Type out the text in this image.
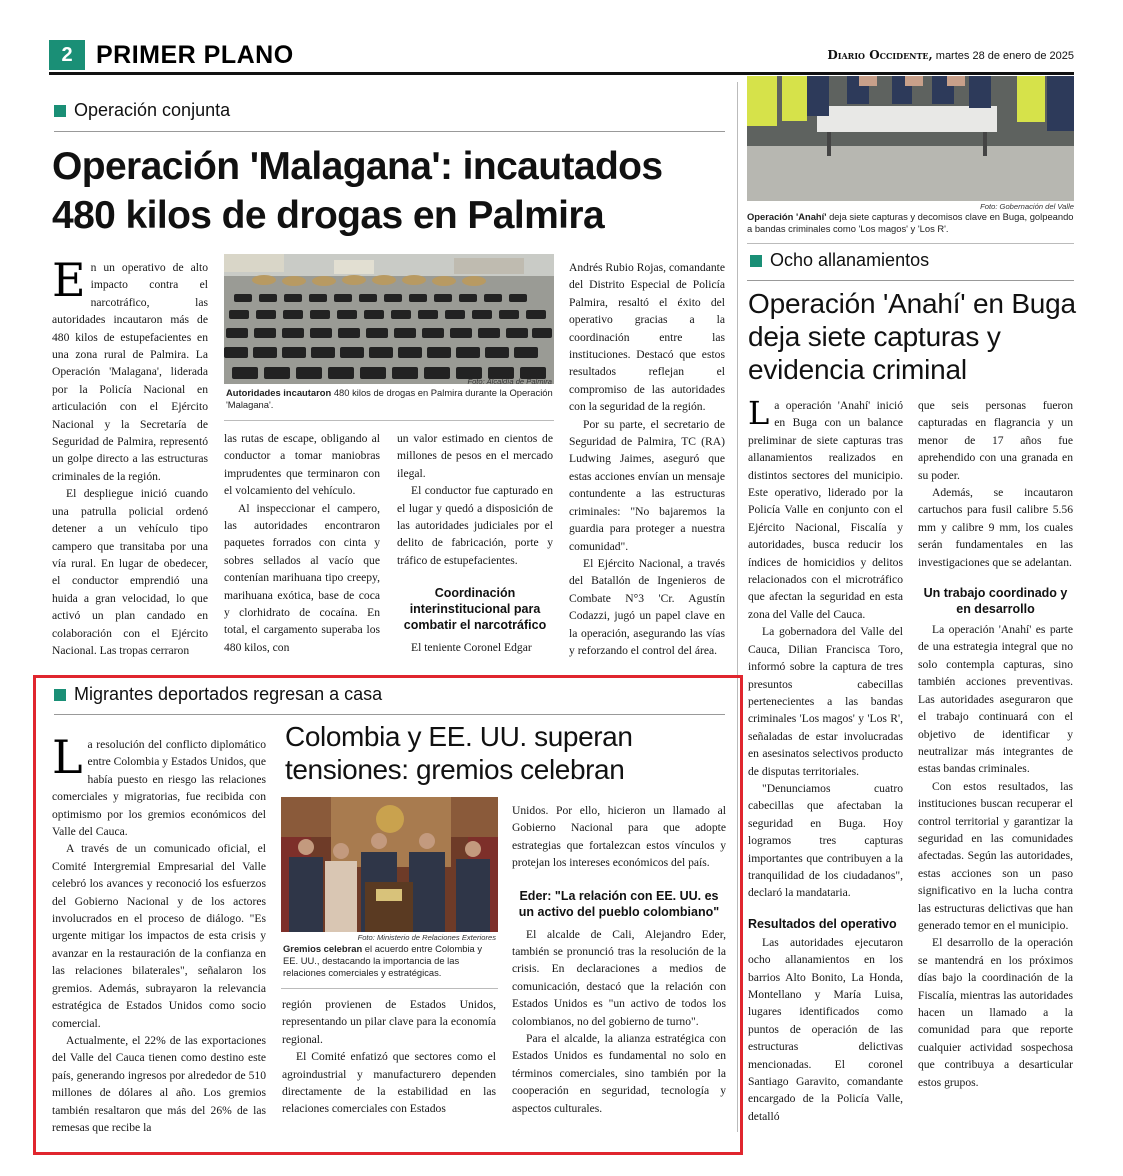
2 PRIMER PLANO	Diario Occidente, martes 28 de enero de 2025
Operación conjunta
Operación 'Malagana': incautados
480 kilos de drogas en Palmira

En un operativo de alto impacto contra el narcotráfico, las autoridades incautaron más de 480 kilos de estupefacientes en una zona rural de Palmira. La Operación 'Malagana', liderada por la Policía Nacional en articulación con el Ejército Nacional y la Secretaría de Seguridad de Palmira, representó un golpe directo a las estructuras criminales de la región.

El despliegue inició cuando una patrulla policial ordenó detener a un vehículo tipo campero que transitaba por una vía rural. En lugar de obedecer, el conductor emprendió una huida a gran velocidad, lo que activó un plan candado en colaboración con el Ejército Nacional. Las tropas cerraron

Foto: Alcaldía de Palmira
Autoridades incautaron 480 kilos de drogas en Palmira durante la Operación 'Malagana'.

las rutas de escape, obligando al conductor a tomar maniobras imprudentes que terminaron con el volcamiento del vehículo.

Al inspeccionar el campero, las autoridades encontraron paquetes forrados con cinta y sobres sellados al vacío que contenían marihuana tipo creepy, marihuana exótica, base de coca y clorhidrato de cocaína. En total, el cargamento superaba los 480 kilos, con

un valor estimado en cientos de millones de pesos en el mercado ilegal.

El conductor fue capturado en el lugar y quedó a disposición de las autoridades judiciales por el delito de fabricación, porte y tráfico de estupefacientes.

Coordinación interinstitucional para combatir el narcotráfico

El teniente Coronel Edgar

Andrés Rubio Rojas, comandante del Distrito Especial de Policía Palmira, resaltó el éxito del operativo gracias a la coordinación entre las instituciones. Destacó que estos resultados reflejan el compromiso de las autoridades con la seguridad de la región.

Por su parte, el secretario de Seguridad de Palmira, TC (RA) Ludwing Jaimes, aseguró que estas acciones envían un mensaje contundente a las estructuras criminales: "No bajaremos la guardia para proteger a nuestra comunidad".

El Ejército Nacional, a través del Batallón de Ingenieros de Combate N°3 'Cr. Agustín Codazzi, jugó un papel clave en la operación, asegurando las vías y reforzando el control del área.

Foto: Gobernación del Valle
Operación 'Anahí' deja siete capturas y decomisos clave en Buga, golpeando a bandas criminales como 'Los magos' y 'Los R'.
Ocho allanamientos
Operación 'Anahí' en Buga deja siete capturas y evidencia criminal

La operación 'Anahí' inició en Buga con un balance preliminar de siete capturas tras allanamientos realizados en distintos sectores del municipio. Este operativo, liderado por la Policía Valle en conjunto con el Ejército Nacional, Fiscalía y autoridades, busca reducir los índices de homicidios y delitos relacionados con el microtráfico que afectan la seguridad en esta zona del Valle del Cauca.

La gobernadora del Valle del Cauca, Dilian Francisca Toro, informó sobre la captura de tres presuntos cabecillas pertenecientes a las bandas criminales 'Los magos' y 'Los R', señaladas de estar involucradas en asesinatos selectivos producto de disputas territoriales.

"Denunciamos cuatro cabecillas que afectaban la seguridad en Buga. Hoy logramos tres capturas importantes que contribuyen a la tranquilidad de los ciudadanos", declaró la mandataria.

Resultados del operativo

Las autoridades ejecutaron ocho allanamientos en los barrios Alto Bonito, La Honda, Montellano y María Luisa, lugares identificados como puntos de operación de las estructuras delictivas mencionadas. El coronel Santiago Garavito, comandante encargado de la Policía Valle, detalló

que seis personas fueron capturadas en flagrancia y un menor de 17 años fue aprehendido con una granada en su poder.

Además, se incautaron cartuchos para fusil calibre 5.56 mm y calibre 9 mm, los cuales serán fundamentales en las investigaciones que se adelantan.

Un trabajo coordinado y en desarrollo

La operación 'Anahí' es parte de una estrategia integral que no solo contempla capturas, sino también acciones preventivas. Las autoridades aseguraron que el trabajo continuará con el objetivo de identificar y neutralizar más integrantes de estas bandas criminales.

Con estos resultados, las instituciones buscan recuperar el control territorial y garantizar la seguridad en las comunidades afectadas. Según las autoridades, estas acciones son un paso significativo en la lucha contra las estructuras delictivas que han generado temor en el municipio.

El desarrollo de la operación se mantendrá en los próximos días bajo la coordinación de la Fiscalía, mientras las autoridades hacen un llamado a la comunidad para que reporte cualquier actividad sospechosa que contribuya a desarticular estos grupos.

Migrantes deportados regresan a casa
Colombia y EE. UU. superan
tensiones: gremios celebran

La resolución del conflicto diplomático entre Colombia y Estados Unidos, que había puesto en riesgo las relaciones comerciales y migratorias, fue recibida con optimismo por los gremios económicos del Valle del Cauca.

A través de un comunicado oficial, el Comité Intergremial Empresarial del Valle celebró los avances y reconoció los esfuerzos del Gobierno Nacional y de los actores involucrados en el proceso de diálogo. "Es urgente mitigar los impactos de esta crisis y avanzar en la restauración de la confianza en las relaciones bilaterales", señalaron los gremios. Además, subrayaron la relevancia estratégica de Estados Unidos como socio comercial.

Actualmente, el 22% de las exportaciones del Valle del Cauca tienen como destino este país, generando ingresos por alrededor de 510 millones de dólares al año. Los gremios también resaltaron que más del 26% de las remesas que recibe la

Foto: Ministerio de Relaciones Exteriores
Gremios celebran el acuerdo entre Colombia y EE. UU., destacando la importancia de las relaciones comerciales y estratégicas.

región provienen de Estados Unidos, representando un pilar clave para la economía regional.

El Comité enfatizó que sectores como el agroindustrial y manufacturero dependen directamente de la estabilidad en las relaciones comerciales con Estados

Unidos. Por ello, hicieron un llamado al Gobierno Nacional para que adopte estrategias que fortalezcan estos vínculos y protejan los intereses económicos del país.

Eder: "La relación con EE. UU. es un activo del pueblo colombiano"

El alcalde de Cali, Alejandro Eder, también se pronunció tras la resolución de la crisis. En declaraciones a medios de comunicación, destacó que la relación con Estados Unidos es "un activo de todos los colombianos, no del gobierno de turno".

Para el alcalde, la alianza estratégica con Estados Unidos es fundamental no solo en términos comerciales, sino también por la cooperación en seguridad, tecnología y aspectos culturales.
